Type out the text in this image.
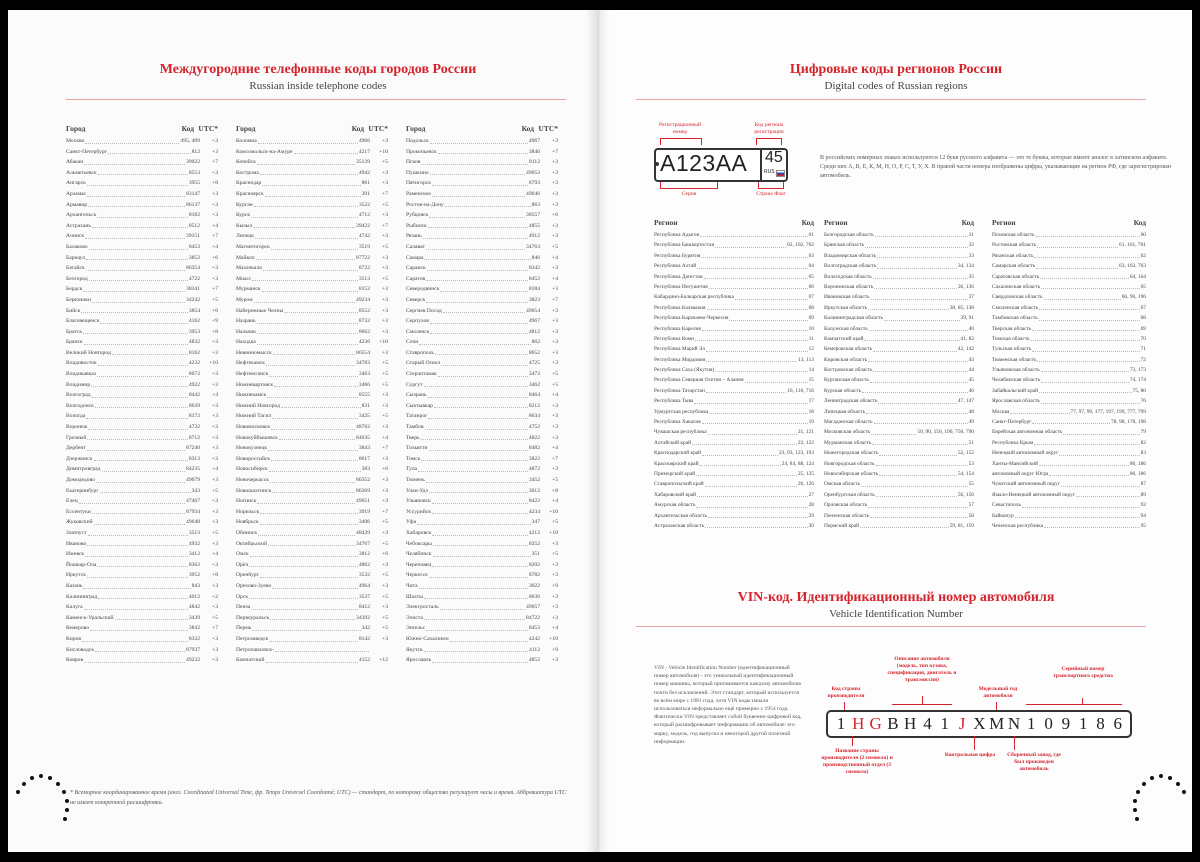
Междугородние телефонные коды городов России
Russian inside telephone codes
Город	Код UTC*
Москва	495, 499	+3
Санкт-Петербург	812	+3
Абакан	39022	+7
Альметьевск	8553	+3
Ангарск	3955	+8
Арзамас	83147	+3
Армавир	86137	+3
Архангельск	8182	+3
Астрахань	8512	+4
Ачинск	39151	+7
Балаково	8453	+4
Барнаул	3852	+6
Батайск	86354	+3
Белгород	4722	+3
Бердск	38341	+7
Березники	34242	+5
Бийск	3854	+6
Благовещенск	4162	+9
Братск	3953	+8
Брянск	4832	+3
Великий Новгород	8162	+3
Владивосток	4232	+10
Владикавказ	8672	+3
Владимир	4922	+3
Волгоград	8442	+4
Волгодонск	8639	+3
Вологда	8172	+3
Воронеж	4732	+3
Грозный	8712	+3
Дербент	87240	+3
Дзержинск	8313	+3
Димитровград	84235	+4
Домодедово	49679	+3
Екатеринбург	343	+5
Елец	47467	+3
Ессентуки	87934	+3
Жуковский	49648	+3
Златоуст	3513	+5
Иваново	4932	+3
Ижевск	3412	+4
Йошкар-Ола	8362	+3
Иркутск	3952	+8
Казань	843	+3
Калининград	4012	+2
Калуга	4842	+3
Каменск-Уральский	3439	+5
Кемерово	3842	+7
Киров	8332	+3
Кисловодск	87937	+3
Ковров	49232	+3
Город	Код UTC*
Коломна	4966	+3
Комсомольск-на-Амуре	4217	+10
Копейск	35139	+5
Кострома	4942	+3
Краснодар	861	+3
Красноярск	391	+7
Курган	3522	+5
Курск	4712	+3
Кызыл	39422	+7
Липецк	4742	+3
Магнитогорск	3519	+5
Майкоп	87722	+3
Махачкала	8722	+3
Миасс	3513	+5
Мурманск	8152	+3
Муром	49234	+3
Набережные Челны	8552	+3
Назрань	8732	+3
Нальчик	8662	+3
Находка	4236	+10
Невинномысск	86554	+3
Нефтекамск	34783	+5
Нефтеюганск	3463	+5
Нижневартовск	3466	+5
Нижнекамск	8555	+3
Нижний Новгород	831	+3
Нижний Тагил	3435	+5
Новомосковск	48762	+3
Новокуйбышевск	84635	+4
Новокузнецк	3843	+7
Новороссийск	8617	+3
Новосибирск	383	+6
Новочеркасск	86352	+3
Новошахтинск	86369	+3
Ногинск	49651	+3
Норильск	3919	+7
Ноябрьск	3496	+5
Обнинск	48439	+3
Октябрьский	34767	+5
Омск	3812	+6
Орёл	4862	+3
Оренбург	3532	+5
Орехово-Зуево	4964	+3
Орск	3537	+5
Пенза	8412	+3
Первоуральск	34392	+5
Пермь	342	+5
Петрозаводск	8142	+3
Петропавловск-
Камчатский	4152	+12
Город	Код UTC*
Подольск	4967	+3
Прокопьевск	3846	+7
Псков	8112	+3
Пушкино	49653	+3
Пятигорск	8793	+3
Раменское	49646	+3
Ростов-на-Дону	863	+3
Рубцовск	38557	+6
Рыбинск	4855	+3
Рязань	4912	+3
Салават	34763	+5
Самара	846	+4
Саранск	8342	+3
Саратов	8452	+4
Северодвинск	8184	+3
Северск	3823	+7
Сергиев Посад	49654	+3
Серпухов	4967	+3
Смоленск	4812	+3
Сочи	862	+3
Ставрополь	8652	+3
Старый Оскол	4725	+3
Стерлитамак	3473	+5
Сургут	3462	+5
Сызрань	8464	+4
Сыктывкар	8212	+3
Таганрог	8634	+3
Тамбов	4752	+3
Тверь	4822	+3
Тольятти	8482	+4
Томск	3822	+7
Тула	4872	+3
Тюмень	3452	+5
Улан-Удэ	3012	+8
Ульяновск	8422	+4
Уссурийск	4234	+10
Уфа	347	+5
Хабаровск	4212	+10
Чебоксары	8352	+3
Челябинск	351	+5
Череповец	8202	+3
Черкесск	8782	+3
Чита	3022	+9
Шахты	8636	+3
Электросталь	49657	+3
Элиста	84722	+3
Энгельс	8453	+4
Южно-Сахалинск	4242	+10
Якутск	4112	+9
Ярославль	4852	+3
* Всемирное координированное время (англ. Coordinated Universal Time, фр. Temps Universel Coordonné; UTC) — стандарт, по которому общество регулирует часы и время. Аббревиатура UTC не имеет конкретной расшифровки.
Цифровые коды регионов России
Digital codes of Russian regions
Регистрационный номер
Код региона регистрации
A123AA 45
RUS
Серия	Страна Флаг
В российских номерных знаках используются 12 букв русского алфавита — это те буквы, которые имеют аналог в латинском алфавите. Среди них А, В, Е, К, М, Н, О, Р, С, Т, У, Х. В правой части номера изображены цифры, указывающие на регион РФ, где зарегистрирован автомобиль.
Регион	Код
Республика Адыгея	01
Республика Башкортостан	02, 102, 702
Республика Бурятия	03
Республика Алтай	04
Республика Дагестан	05
Республика Ингушетия	06
Кабардино-Балкарская республика	07
Республика Калмыкия	08
Республика Карачаево-Черкесия	09
Республика Карелия	10
Республика Коми	11
Республика Марий Эл	12
Республика Мордовия	13, 113
Республика Саха (Якутия)	14
Республика Северная Осетия – Алания	15
Республика Татарстан	16, 116, 716
Республика Тыва	17
Удмуртская республика	18
Республика Хакасия	19
Чувашская республика	21, 121
Алтайский край	22, 122
Краснодарский край	23, 93, 123, 193
Красноярский край	24, 84, 88, 124
Приморский край	25, 125
Ставропольский край	26, 126
Хабаровский край	27
Амурская область	28
Архангельская область	29
Астраханская область	30
Регион	Код
Белгородская область	31
Брянская область	32
Владимирская область	33
Волгоградская область	34, 134
Вологодская область	35
Воронежская область	36, 136
Ивановская область	37
Иркутская область	38, 85, 138
Калининградская область	39, 91
Калужская область	40
Камчатский край	41, 82
Кемеровская область	42, 142
Кировская область	43
Костромская область	44
Курганская область	45
Курская область	46
Ленинградская область	47, 147
Липецкая область	48
Магаданская область	49
Московская область	50, 90, 150, 190, 750, 790
Мурманская область	51
Нижегородская область	52, 152
Новгородская область	53
Новосибирская область	54, 154
Омская область	55
Оренбургская область	56, 156
Орловская область	57
Пензенская область	58
Пермский край	59, 81, 159
Регион	Код
Псковская область	60
Ростовская область	61, 161, 761
Рязанская область	62
Самарская область	63, 163, 763
Саратовская область	64, 164
Сахалинская область	65
Свердловская область	66, 96, 196
Смоленская область	67
Тамбовская область	68
Тверская область	69
Томская область	70
Тульская область	71
Тюменская область	72
Ульяновская область	73, 173
Челябинская область	74, 174
Забайкальский край	75, 80
Ярославская область	76
Москва	77, 97, 99, 177, 197, 199, 777, 799
Санкт-Петербург	78, 98, 178, 198
Еврейская автономная область	79
Республика Крым	82
Ненецкий автономный округ	83
Ханты-Мансийский	86, 186
автономный округ Югра	86, 186
Чукотский автономный округ	87
Ямало-Ненецкий автономный округ	89
Севастополь	92
Байконур	94
Чеченская республика	95
VIN-код. Идентификационный номер автомобиля
Vehicle Identification Number
VIN - Vehicle Identification Number (идентификационный номер автомобиля) - это уникальный идентификационный номер машины, который присваивается каждому автомобилю почти без исключений. Этот стандарт, который используется во всём мире с 1981 года, хотя VIN коды начали использоваться неформально ещё примерно с 1954 года. Фактически VIN представляет собой буквенно-цифровой код, который расшифровывает информацию об автомобиле: его марку, модель, год выпуска и некоторой другой полезной информации.
Код страны производителя
Описание автомобиля (модель, тип кузова, спецификация, двигатель и трансмиссия)
Модельный год автомобиля
Серийный номер транспортного средства
1 H G B H 4 1 J X M N 1 0 9 1 8 6
Название страны производителя (2 символа) и производственный отдел (3 символа)
Контрольная цифра	Сборочный завод, где был произведен автомобиль
